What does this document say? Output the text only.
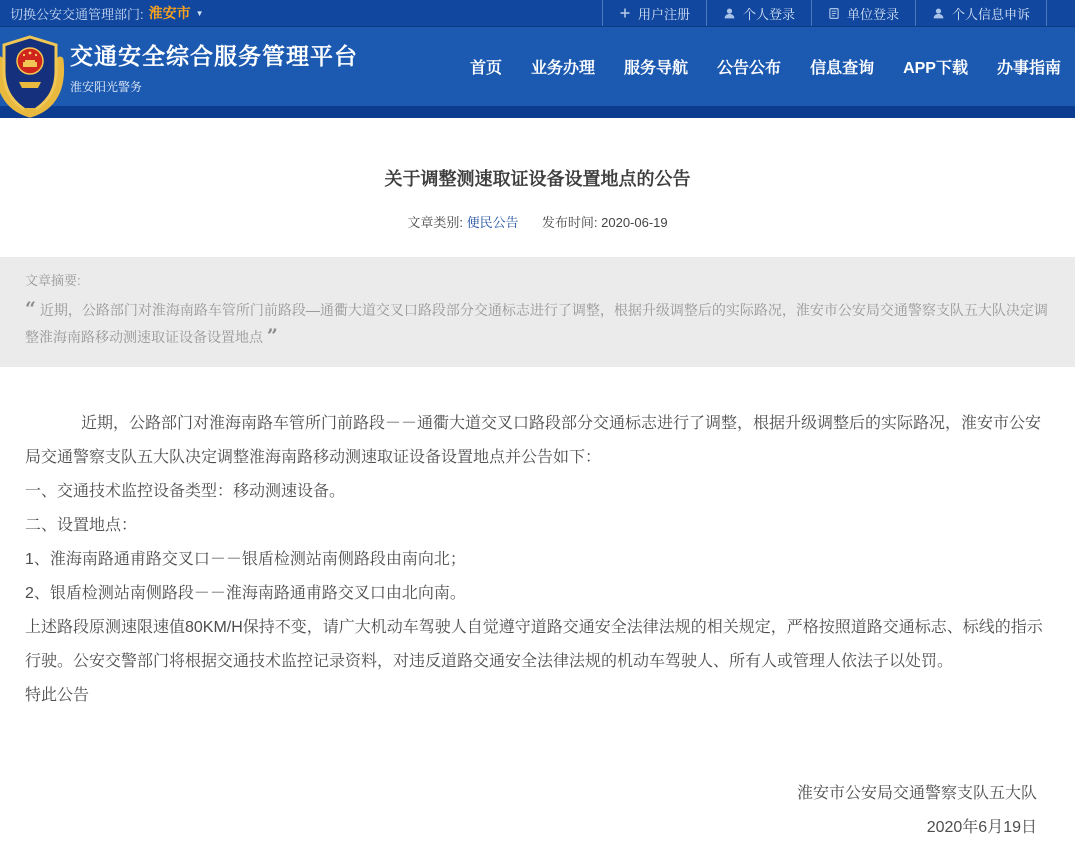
切换公安交通管理部门: 淮安市 ▼	用户注册	个人登录	单位登录	个人信息申诉
交通安全综合服务管理平台
淮安阳光警务
首页 业务办理 服务导航 公告公布 信息查询 APP下载 办事指南
关于调整测速取证设备设置地点的公告
文章类别: 便民公告 发布时间: 2020-06-19
文章摘要:
“ 近期，公路部门对淮海南路车管所门前路段—通衢大道交叉口路段部分交通标志进行了调整，根据升级调整后的实际路况，淮安市公安局交通警察支队五大队决定调整淮海南路移动测速取证设备设置地点 ”

近期，公路部门对淮海南路车管所门前路段－－通衢大道交叉口路段部分交通标志进行了调整，根据升级调整后的实际路况，淮安市公安局交通警察支队五大队决定调整淮海南路移动测速取证设备设置地点并公告如下：

一、交通技术监控设备类型：移动测速设备。

二、设置地点：

1、淮海南路通甫路交叉口－－银盾检测站南侧路段由南向北；

2、银盾检测站南侧路段－－淮海南路通甫路交叉口由北向南。

上述路段原测速限速值80KM/H保持不变，请广大机动车驾驶人自觉遵守道路交通安全法律法规的相关规定，严格按照道路交通标志、标线的指示行驶。公安交警部门将根据交通技术监控记录资料，对违反道路交通安全法律法规的机动车驾驶人、所有人或管理人依法子以处罚。

特此公告

淮安市公安局交通警察支队五大队
2020年6月19日
